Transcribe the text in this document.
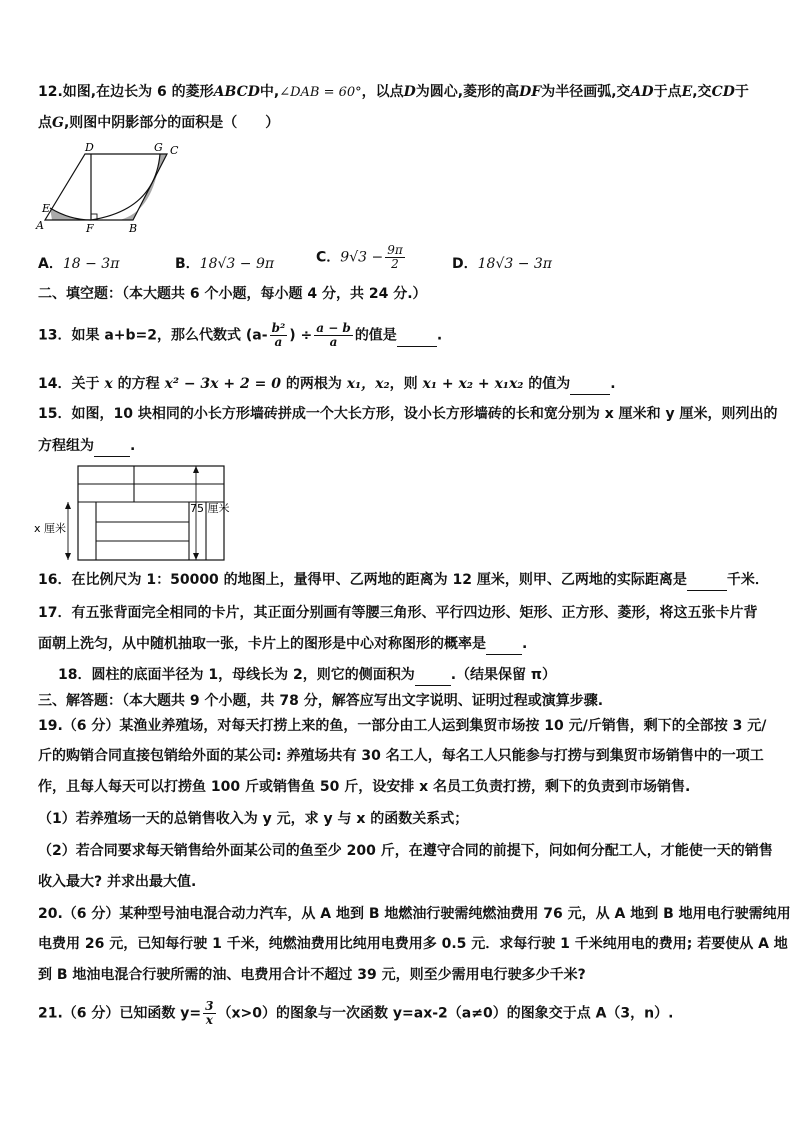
12.如图,在边长为 6 的菱形ABCD中,∠DAB = 60°，以点D为圆心,菱形的高DF为半径画弧,交AD于点E,交CD于
点G,则图中阴影部分的面积是（　　）
D	G C
E
A	F	B
A．18 − 3π	B．18√3 − 9π	C．$9√3 - \frac{9\pi}{2}$	D．18√3 − 3π
二、填空题：（本大题共 6 个小题，每小题 4 分，共 24 分.）
13．如果 a+b=2，那么代数式 ($a- \frac{\text{b²}}{a}$ ) ÷ $\frac{a - b}{a}$ 的值是	.
14．关于 x 的方程 x² − 3x + 2 = 0 的两根为 x₁，x₂，则 x₁ + x₂ + x₁x₂ 的值为	.
15．如图，10 块相同的小长方形墙砖拼成一个大长方形，设小长方形墙砖的长和宽分别为 x 厘米和 y 厘米，则列出的
方程组为	.
75 厘米
x 厘米
16．在比例尺为 1：50000 的地图上，量得甲、乙两地的距离为 12 厘米，则甲、乙两地的实际距离是	千米．
17．有五张背面完全相同的卡片，其正面分别画有等腰三角形、平行四边形、矩形、正方形、菱形，将这五张卡片背
面朝上洗匀，从中随机抽取一张，卡片上的图形是中心对称图形的概率是	.
18．圆柱的底面半径为 1，母线长为 2，则它的侧面积为	.（结果保留 π）
三、解答题：（本大题共 9 个小题，共 78 分，解答应写出文字说明、证明过程或演算步骤.
19.（6 分）某渔业养殖场，对每天打捞上来的鱼，一部分由工人运到集贸市场按 10 元/斤销售，剩下的全部按 3 元/
斤的购销合同直接包销给外面的某公司: 养殖场共有 30 名工人，每名工人只能参与打捞与到集贸市场销售中的一项工
作，且每人每天可以打捞鱼 100 斤或销售鱼 50 斤，设安排 x 名员工负责打捞，剩下的负责到市场销售.
（1）若养殖场一天的总销售收入为 y 元，求 y 与 x 的函数关系式；
（2）若合同要求每天销售给外面某公司的鱼至少 200 斤，在遵守合同的前提下，问如何分配工人，才能使一天的销售
收入最大? 并求出最大值.
20.（6 分）某种型号油电混合动力汽车，从 A 地到 B 地燃油行驶需纯燃油费用 76 元，从 A 地到 B 地用电行驶需纯用
电费用 26 元，已知每行驶 1 千米，纯燃油费用比纯用电费用多 0.5 元．求每行驶 1 千米纯用电的费用; 若要使从 A 地
到 B 地油电混合行驶所需的油、电费用合计不超过 39 元，则至少需用电行驶多少千米?
21.（6 分）已知函数 $y= \frac{3}{x} (x>0)$的图象与一次函数 y=ax-2（a≠0）的图象交于点 A（3，n）.
